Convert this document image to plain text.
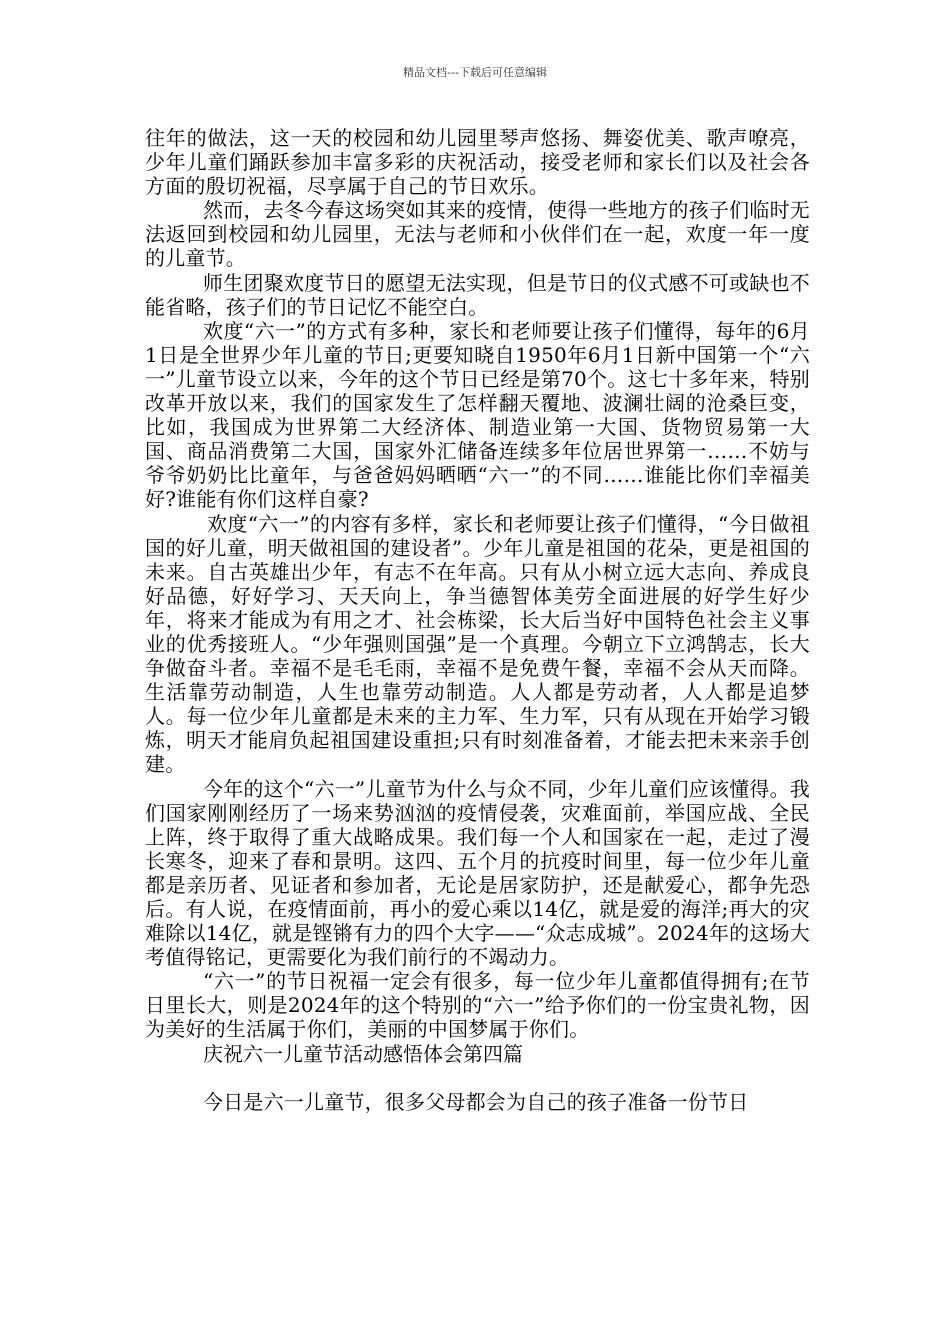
精品文档---下载后可任意编辑

往年的做法，这一天的校园和幼儿园里琴声悠扬、舞姿优美、歌声嘹亮，少年儿童们踊跃参加丰富多彩的庆祝活动，接受老师和家长们以及社会各方面的殷切祝福，尽享属于自己的节日欢乐。

然而，去冬今春这场突如其来的疫情，使得一些地方的孩子们临时无法返回到校园和幼儿园里，无法与老师和小伙伴们在一起，欢度一年一度的儿童节。

师生团聚欢度节日的愿望无法实现，但是节日的仪式感不可或缺也不能省略，孩子们的节日记忆不能空白。

欢度“六一”的方式有多种，家长和老师要让孩子们懂得，每年的6月1日是全世界少年儿童的节日;更要知晓自1950年6月1日新中国第一个“六一”儿童节设立以来，今年的这个节日已经是第70个。这七十多年来，特别改革开放以来，我们的国家发生了怎样翻天覆地、波澜壮阔的沧桑巨变，比如，我国成为世界第二大经济体、制造业第一大国、货物贸易第一大国、商品消费第二大国，国家外汇储备连续多年位居世界第一……不妨与爷爷奶奶比比童年，与爸爸妈妈晒晒“六一”的不同……谁能比你们幸福美好?谁能有你们这样自豪?

欢度“六一”的内容有多样，家长和老师要让孩子们懂得，“今日做祖国的好儿童，明天做祖国的建设者”。少年儿童是祖国的花朵，更是祖国的未来。自古英雄出少年，有志不在年高。只有从小树立远大志向、养成良好品德，好好学习、天天向上，争当德智体美劳全面进展的好学生好少年，将来才能成为有用之才、社会栋梁，长大后当好中国特色社会主义事业的优秀接班人。“少年强则国强”是一个真理。今朝立下立鸿鹄志，长大争做奋斗者。幸福不是毛毛雨，幸福不是免费午餐，幸福不会从天而降。生活靠劳动制造，人生也靠劳动制造。人人都是劳动者，人人都是追梦人。每一位少年儿童都是未来的主力军、生力军，只有从现在开始学习锻炼，明天才能肩负起祖国建设重担;只有时刻准备着，才能去把未来亲手创建。

今年的这个“六一”儿童节为什么与众不同，少年儿童们应该懂得。我们国家刚刚经历了一场来势汹汹的疫情侵袭，灾难面前，举国应战、全民上阵，终于取得了重大战略成果。我们每一个人和国家在一起，走过了漫长寒冬，迎来了春和景明。这四、五个月的抗疫时间里，每一位少年儿童都是亲历者、见证者和参加者，无论是居家防护，还是献爱心，都争先恐后。有人说，在疫情面前，再小的爱心乘以14亿，就是爱的海洋;再大的灾难除以14亿，就是铿锵有力的四个大字——“众志成城”。2024年的这场大考值得铭记，更需要化为我们前行的不竭动力。

“六一”的节日祝福一定会有很多，每一位少年儿童都值得拥有;在节日里长大，则是2024年的这个特别的“六一”给予你们的一份宝贵礼物，因为美好的生活属于你们，美丽的中国梦属于你们。

庆祝六一儿童节活动感悟体会第四篇

今日是六一儿童节，很多父母都会为自己的孩子准备一份节日
